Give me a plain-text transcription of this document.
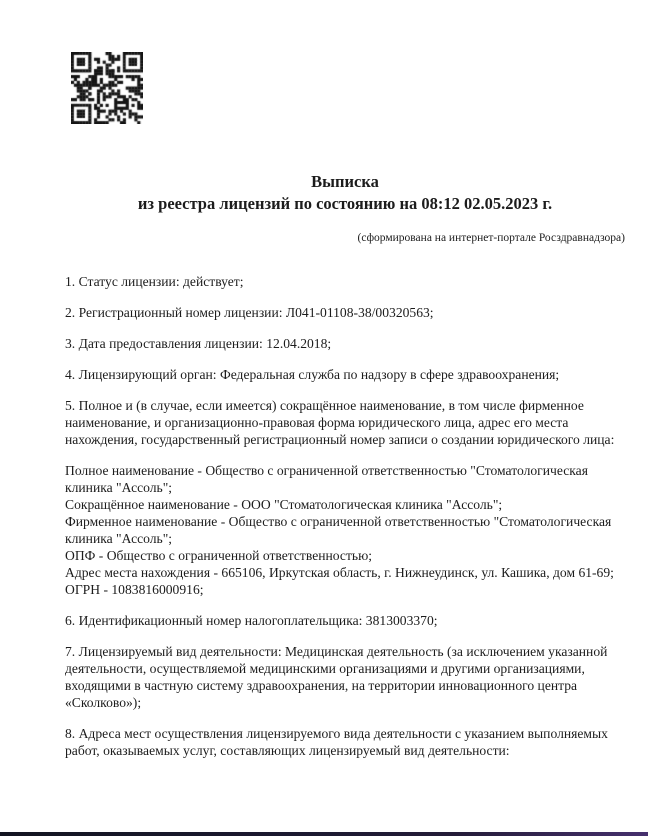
Выписка
из реестра лицензий по состоянию на 08:12 02.05.2023 г.
(сформирована на интернет-портале Росздравнадзора)

1. Статус лицензии: действует;

2. Регистрационный номер лицензии: Л041-01108-38/00320563;

3. Дата предоставления лицензии: 12.04.2018;

4. Лицензирующий орган: Федеральная служба по надзору в сфере здравоохранения;

5. Полное и (в случае, если имеется) сокращённое наименование, в том числе фирменное наименование, и организационно-правовая форма юридического лица, адрес его места нахождения, государственный регистрационный номер записи о создании юридического лица:

Полное наименование - Общество с ограниченной ответственностью "Стоматологическая клиника "Ассоль";
Сокращённое наименование - ООО "Стоматологическая клиника "Ассоль";
Фирменное наименование - Общество с ограниченной ответственностью "Стоматологическая клиника "Ассоль";
ОПФ - Общество с ограниченной ответственностью;
Адрес места нахождения - 665106, Иркутская область, г. Нижнеудинск, ул. Кашика, дом 61-69;
ОГРН - 1083816000916;

6. Идентификационный номер налогоплательщика: 3813003370;

7. Лицензируемый вид деятельности: Медицинская деятельность (за исключением указанной деятельности, осуществляемой медицинскими организациями и другими организациями, входящими в частную систему здравоохранения, на территории инновационного центра «Сколково»);

8. Адреса мест осуществления лицензируемого вида деятельности с указанием выполняемых работ, оказываемых услуг, составляющих лицензируемый вид деятельности:
